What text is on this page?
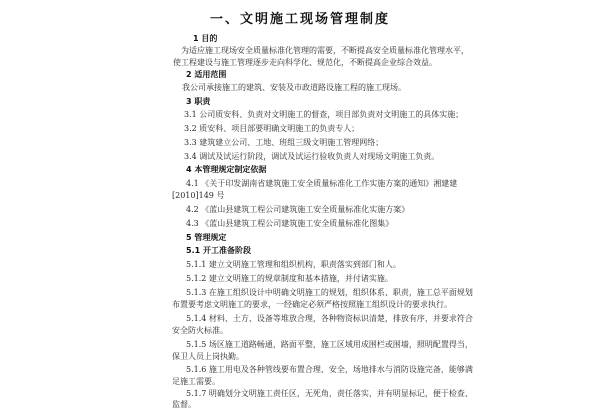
一、文明施工现场管理制度
1 目的
为适应施工现场安全质量标准化管理的需要，不断提高安全质量标准化管理水平，
使工程建设与施工管理逐步走向科学化、规范化，不断提高企业综合效益。
2 适用范围
我公司承接施工的建筑、安装及市政道路设施工程的施工现场。
3 职责
3.1 公司质安科、负责对文明施工的督查，项目部负责对文明施工的具体实施；
3.2 质安科、项目部要明确文明施工的负责专人；
3.3 建筑建立公司、工地、班组三级文明施工管理网络；
3.4 调试及试运行阶段，调试及试运行验收负责人对现场文明施工负责。
4 本管理规定制定依据
4.1 《关于印发湖南省建筑施工安全质量标准化工作实施方案的通知》湘建建
[2010]149 号
4.2 《蓝山县建筑工程公司建筑施工安全质量标准化实施方案》
4.3 《蓝山县建筑工程公司建筑施工安全质量标准化图集》
5 管理规定
5.1 开工准备阶段
5.1.1 建立文明施工管理和组织机构，职责落实到部门和人。
5.1.2 建立文明施工的规章制度和基本措施，并付诸实施。
5.1.3 在施工组织设计中明确文明施工的规划，组织体系、职责，施工总平面规划
布置要考虑文明施工的要求，一经确定必须严格按照施工组织设计的要求执行。
5.1.4 材料、土方、设备等堆放合理，各种物资标识清楚，排放有序，并要求符合
安全防火标准。
5.1.5 场区施工道路畅通，路面平整，施工区域用成围栏或围墙，照明配置得当，
保卫人员上岗执勤。
5.1.6 施工用电及各种管线要布置合理、安全，场地排水与消防设施完备，能够满
足施工需要。
5.1.7 明确划分文明施工责任区，无死角，责任落实，并有明显标记，便于检查、
监督。
